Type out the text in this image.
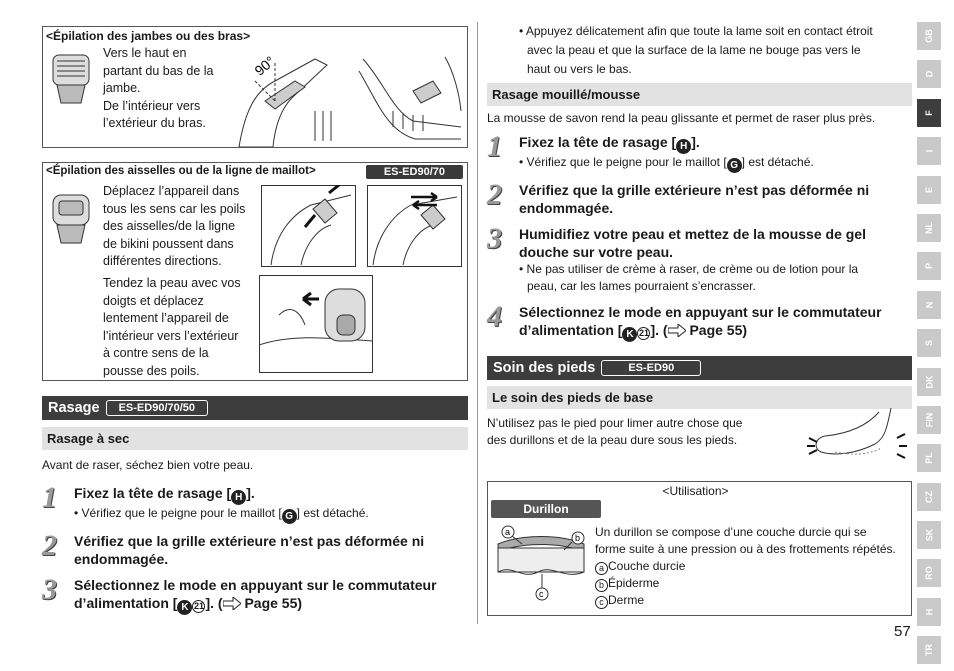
<Épilation des jambes ou des bras>
Vers le haut en
partant du bas de la
jambe.
De l’intérieur vers
l’extérieur du bras.
90°
<Épilation des aisselles ou de la ligne de maillot>	ES-ED90/70
Déplacez l’appareil dans
tous les sens car les poils
des aisselles/de la ligne
de bikini poussent dans
différentes directions.
Tendez la peau avec vos
doigts et déplacez
lentement l’appareil de
l’intérieur vers l’extérieur
à contre sens de la
pousse des poils.
Rasage	ES-ED90/70/50
Rasage à sec
Avant de raser, séchez bien votre peau.
1	Fixez la tête de rasage [ H ].
• Vérifiez que le peigne pour le maillot [ G ] est détaché.
2	Vérifiez que la grille extérieure n’est pas déformée ni endommagée.
3	Sélectionnez le mode en appuyant sur le commutateur d’alimentation [ K 21 ]. ( Page 55)
• Appuyez délicatement afin que toute la lame soit en contact étroit
avec la peau et que la surface de la lame ne bouge pas vers le
haut ou vers le bas.
Rasage mouillé/mousse
La mousse de savon rend la peau glissante et permet de raser plus près.
1	Fixez la tête de rasage [ H ].
• Vérifiez que le peigne pour le maillot [ G ] est détaché.
2	Vérifiez que la grille extérieure n’est pas déformée ni endommagée.
3	Humidifiez votre peau et mettez de la mousse de gel douche sur votre peau.
• Ne pas utiliser de crème à raser, de crème ou de lotion pour la
peau, car les lames pourraient s’encrasser.
4	Sélectionnez le mode en appuyant sur le commutateur d’alimentation [ K 21 ]. ( Page 55)
Soin des pieds	ES-ED90
Le soin des pieds de base
N’utilisez pas le pied pour limer autre chose que
des durillons et de la peau dure sous les pieds.
<Utilisation>
Durillon
a
b
c
Un durillon se compose d’une couche durcie qui se
forme suite à une pression ou à des frottements répétés.
a Couche durcie
b Épiderme
c Derme
GB
D
F
I
E
NL
P
N
S
DK
FIN
PL
CZ
SK
RO
H
TR
57
